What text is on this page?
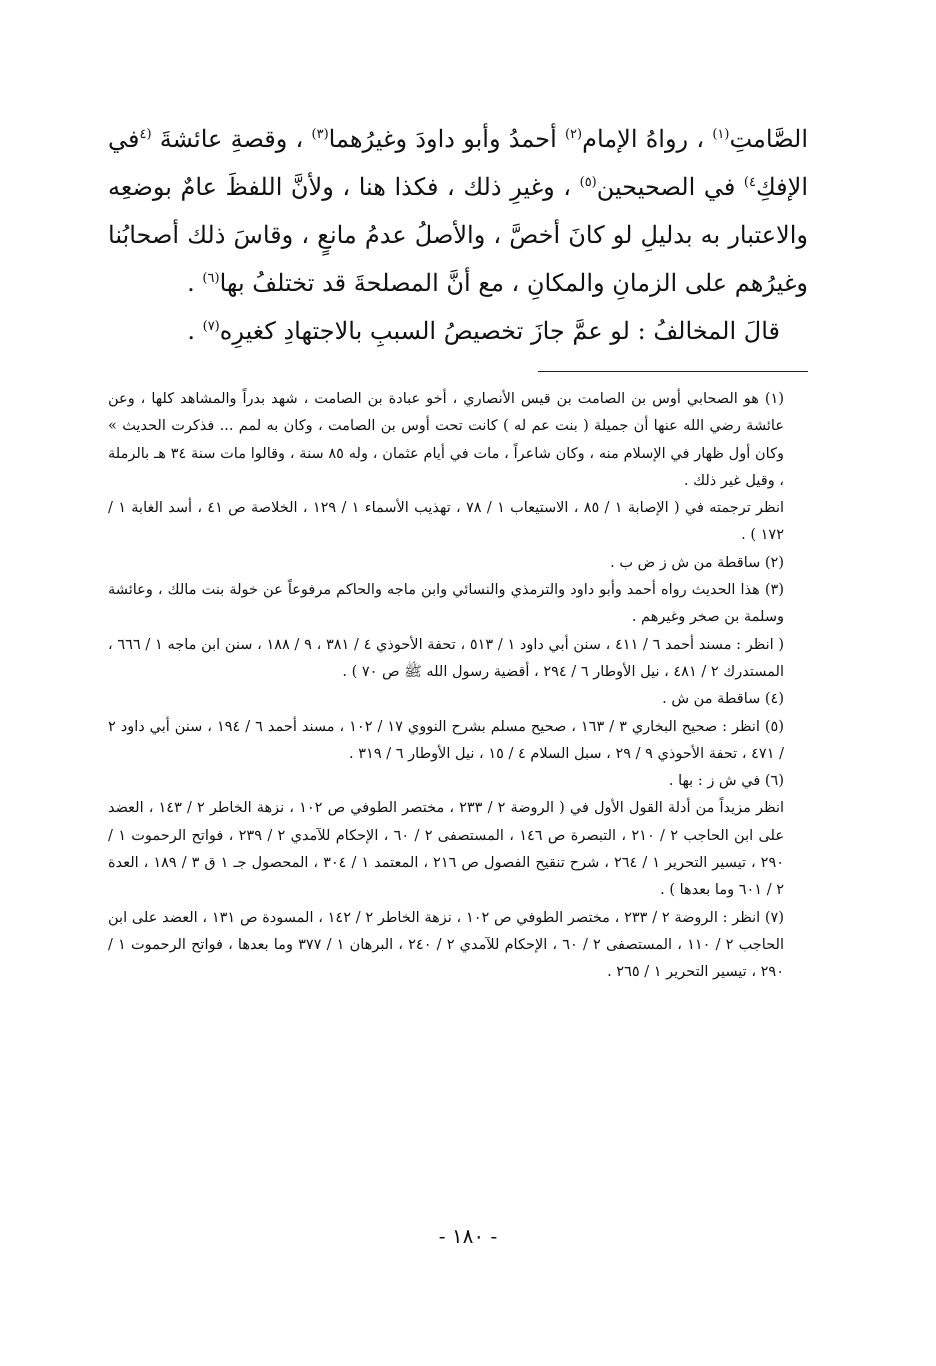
الصَّامتِ$^{(١)}$ ، رواهُ الإمام$^{(٢)}$ أحمدُ وأبو داودَ وغيرُهما$^{(٣)}$ ، وقصةِ عائشةَ $^{(٤}$في الإفكِ$^{٤)}$ في الصحيحين$^{(٥)}$ ، وغيرِ ذلك ، فكذا هنا ، ولأنَّ اللفظَ عامٌ بوضعِه والاعتبار به بدليلِ لو كانَ أخصَّ ، والأصلُ عدمُ مانعٍ ، وقاسَ ذلك أصحابُنا وغيرُهم على الزمانِ والمكانِ ، مع أنَّ المصلحةَ قد تختلفُ بها$^{(٦)}$ .

قالَ المخالفُ : لو عمَّ جازَ تخصيصُ السببِ بالاجتهادِ كغيرِه$^{(٧)}$ .

(١) هو الصحابي أوس بن الصامت بن قيس الأنصاري ، أخو عبادة بن الصامت ، شهد بدراً والمشاهد كلها ، وعن عائشة رضي الله عنها أن جميلة ( بنت عم له ) كانت تحت أوس بن الصامت ، وكان به لمم ... فذكرت الحديث » وكان أول ظهار في الإسلام منه ، وكان شاعراً ، مات في أيام عثمان ، وله ٨٥ سنة ، وقالوا مات سنة ٣٤ هـ بالرملة ، وقيل غير ذلك .

انظر ترجمته في ( الإصابة ١ / ٨٥ ، الاستيعاب ١ / ٧٨ ، تهذيب الأسماء ١ / ١٢٩ ، الخلاصة ص ٤١ ، أسد الغابة ١ / ١٧٢ ) .

(٢) ساقطة من ش ز ض ب .

(٣) هذا الحديث رواه أحمد وأبو داود والترمذي والنسائي وابن ماجه والحاكم مرفوعاً عن خولة بنت مالك ، وعائشة وسلمة بن صخر وغيرهم .

( انظر : مسند أحمد ٦ / ٤١١ ، سنن أبي داود ١ / ٥١٣ ، تحفة الأحوذي ٤ / ٣٨١ ، ٩ / ١٨٨ ، سنن ابن ماجه ١ / ٦٦٦ ، المستدرك ٢ / ٤٨١ ، نيل الأوطار ٦ / ٢٩٤ ، أقضية رسول الله ﷺ ص ٧٠ ) .

(٤) ساقطة من ش .

(٥) انظر : صحيح البخاري ٣ / ١٦٣ ، صحيح مسلم بشرح النووي ١٧ / ١٠٢ ، مسند أحمد ٦ / ١٩٤ ، سنن أبي داود ٢ / ٤٧١ ، تحفة الأحوذي ٩ / ٢٩ ، سبل السلام ٤ / ١٥ ، نيل الأوطار ٦ / ٣١٩ .

(٦) في ش ز : بها .

انظر مزيداً من أدلة القول الأول في ( الروضة ٢ / ٢٣٣ ، مختصر الطوفي ص ١٠٢ ، نزهة الخاطر ٢ / ١٤٣ ، العضد على ابن الحاجب ٢ / ٢١٠ ، التبصرة ص ١٤٦ ، المستصفى ٢ / ٦٠ ، الإحكام للآمدي ٢ / ٢٣٩ ، فواتح الرحموت ١ / ٢٩٠ ، تيسير التحرير ١ / ٢٦٤ ، شرح تنقيح الفصول ص ٢١٦ ، المعتمد ١ / ٣٠٤ ، المحصول جـ ١ ق ٣ / ١٨٩ ، العدة ٢ / ٦٠١ وما بعدها ) .

(٧) انظر : الروضة ٢ / ٢٣٣ ، مختصر الطوفي ص ١٠٢ ، نزهة الخاطر ٢ / ١٤٢ ، المسودة ص ١٣١ ، العضد على ابن الحاجب ٢ / ١١٠ ، المستصفى ٢ / ٦٠ ، الإحكام للآمدي ٢ / ٢٤٠ ، البرهان ١ / ٣٧٧ وما بعدها ، فواتح الرحموت ١ / ٢٩٠ ، تيسير التحرير ١ / ٢٦٥ .

- ١٨٠ -
